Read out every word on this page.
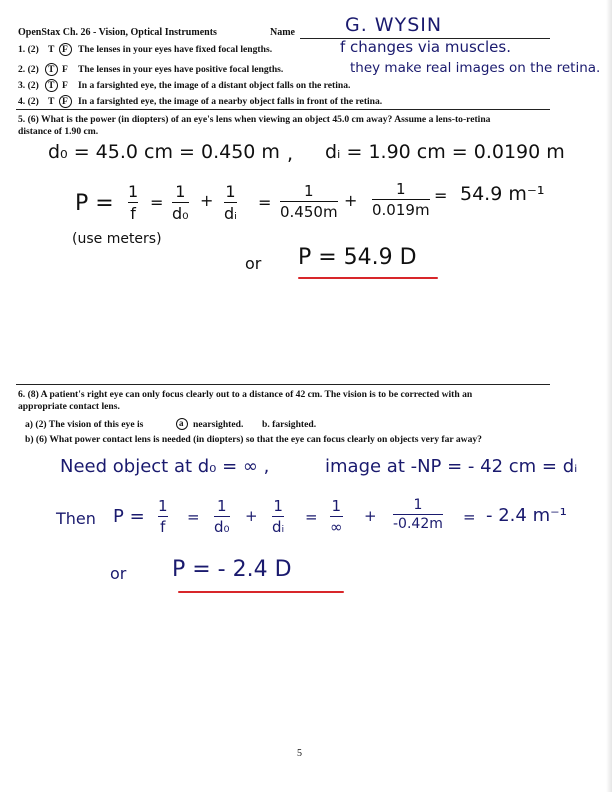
OpenStax Ch. 26 - Vision, Optical Instruments	Name	G. WYSIN
1. (2) T F The lenses in your eyes have fixed focal lengths.	f changes via muscles.
2. (2) T F The lenses in your eyes have positive focal lengths.	they make real images on the retina.
3. (2) T F In a farsighted eye, the image of a distant object falls on the retina.
4. (2) T F In a farsighted eye, the image of a nearby object falls in front of the retina.
5. (6) What is the power (in diopters) of an eye's lens when viewing an object 45.0 cm away? Assume a lens-to-retina
distance of 1.90 cm.
d₀ = 45.0 cm = 0.450 m , dᵢ = 1.90 cm = 0.0190 m
P = 1
f
=
1
d₀
+ 1
dᵢ
=
1
0.450m
+
1
0.019m
= 54.9 m⁻¹
(use meters)
or P = 54.9 D
6. (8) A patient's right eye can only focus clearly out to a distance of 42 cm. The vision is to be corrected with an
appropriate contact lens.
a) (2) The vision of this eye is	a nearsighted. b. farsighted.
b) (6) What power contact lens is needed (in diopters) so that the eye can focus clearly on objects very far away?
Need object at d₀ = ∞ ,	image at -NP = - 42 cm = dᵢ
Then P = 1
f
=
1
d₀
+
1
dᵢ
=
1
∞
+
1
-0.42m = - 2.4 m⁻¹
or P = - 2.4 D
5
